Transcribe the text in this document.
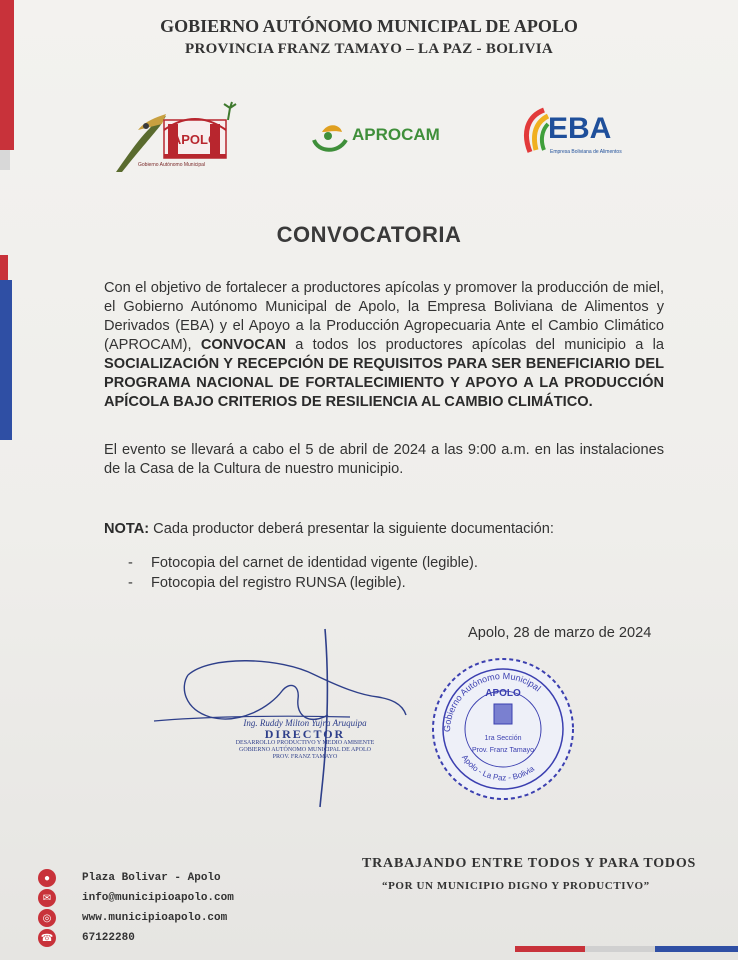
GOBIERNO AUTÓNOMO MUNICIPAL DE APOLO
PROVINCIA FRANZ TAMAYO – LA PAZ - BOLIVIA
APOLO
Gobierno Autónomo Municipal
APROCAM	EBA
Empresa Boliviana de Alimentos
CONVOCATORIA
Con el objetivo de fortalecer a productores apícolas y promover la producción de miel, el Gobierno Autónomo Municipal de Apolo, la Empresa Boliviana de Alimentos y Derivados (EBA) y el Apoyo a la Producción Agropecuaria Ante el Cambio Climático (APROCAM), CONVOCAN a todos los productores apícolas del municipio a la SOCIALIZACIÓN Y RECEPCIÓN DE REQUISITOS PARA SER BENEFICIARIO DEL PROGRAMA NACIONAL DE FORTALECIMIENTO Y APOYO A LA PRODUCCIÓN APÍCOLA BAJO CRITERIOS DE RESILIENCIA AL CAMBIO CLIMÁTICO.
El evento se llevará a cabo el 5 de abril de 2024 a las 9:00 a.m. en las instalaciones de la Casa de la Cultura de nuestro municipio.
NOTA: Cada productor deberá presentar la siguiente documentación:
-	Fotocopia del carnet de identidad vigente (legible).
-	Fotocopia del registro RUNSA (legible).
Apolo, 28 de marzo de 2024
Ing. Ruddy Milton Yujra Aruquipa
DIRECTOR
DESARROLLO PRODUCTIVO Y MEDIO AMBIENTE
GOBIERNO AUTÓNOMO MUNICIPAL DE APOLO
PROV. FRANZ TAMAYO
Gobierno Autónomo Municipal
APOLO
1ra Sección
Prov. Franz Tamayo
Apolo - La Paz - Bolivia
●	Plaza Bolivar - Apolo
✉	info@municipioapolo.com
◎	www.municipioapolo.com
☎	67122280
TRABAJANDO ENTRE TODOS Y PARA TODOS
“POR UN MUNICIPIO DIGNO Y PRODUCTIVO”
